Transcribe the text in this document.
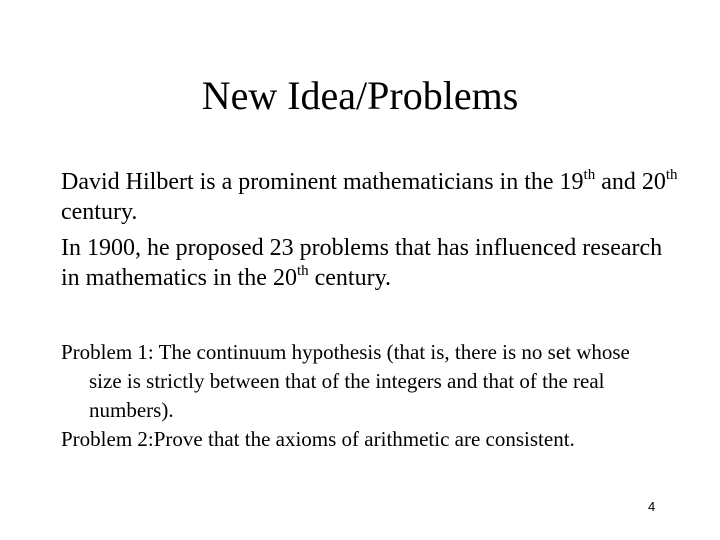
New Idea/Problems

David Hilbert is a prominent mathematicians in the 19th and 20th century.

In 1900, he proposed 23 problems that has influenced research in mathematics in the 20th century.

Problem 1: The continuum hypothesis (that is, there is no set whose size is strictly between that of the integers and that of the real numbers).

Problem 2:Prove that the axioms of arithmetic are consistent.

4
